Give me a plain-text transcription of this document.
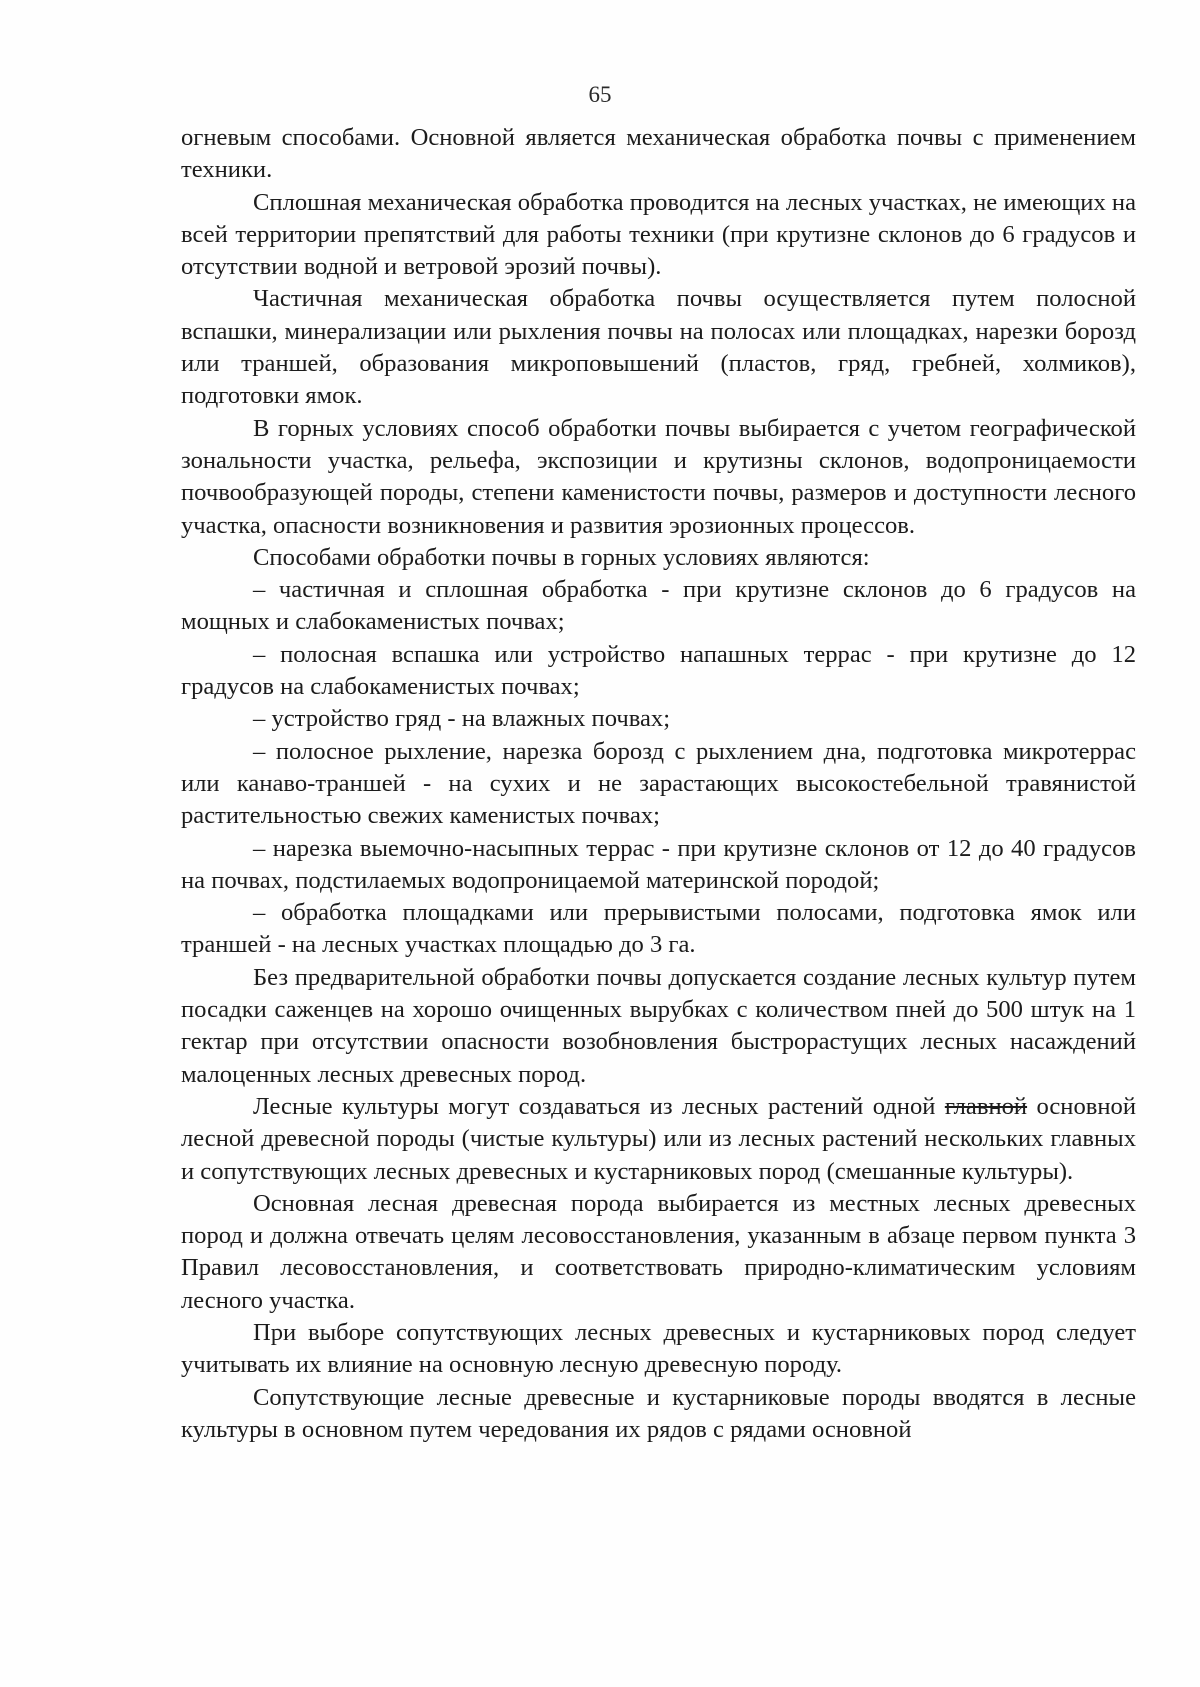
65

огневым способами. Основной является механическая обработка почвы с применением техники.

Сплошная механическая обработка проводится на лесных участках, не имеющих на всей территории препятствий для работы техники (при крутизне склонов до 6 градусов и отсутствии водной и ветровой эрозий почвы).

Частичная механическая обработка почвы осуществляется путем полосной вспашки, минерализации или рыхления почвы на полосах или площадках, нарезки борозд или траншей, образования микроповышений (пластов, гряд, гребней, холмиков), подготовки ямок.

В горных условиях способ обработки почвы выбирается с учетом географической зональности участка, рельефа, экспозиции и крутизны склонов, водопроницаемости почвообразующей породы, степени каменистости почвы, размеров и доступности лесного участка, опасности возникновения и развития эрозионных процессов.

Способами обработки почвы в горных условиях являются:

– частичная и сплошная обработка - при крутизне склонов до 6 градусов на мощных и слабокаменистых почвах;

– полосная вспашка или устройство напашных террас - при крутизне до 12 градусов на слабокаменистых почвах;

– устройство гряд - на влажных почвах;

– полосное рыхление, нарезка борозд с рыхлением дна, подготовка микротеррас или канаво-траншей - на сухих и не зарастающих высокостебельной травянистой растительностью свежих каменистых почвах;

– нарезка выемочно-насыпных террас - при крутизне склонов от 12 до 40 градусов на почвах, подстилаемых водопроницаемой материнской породой;

– обработка площадками или прерывистыми полосами, подготовка ямок или траншей - на лесных участках площадью до 3 га.

Без предварительной обработки почвы допускается создание лесных культур путем посадки саженцев на хорошо очищенных вырубках с количеством пней до 500 штук на 1 гектар при отсутствии опасности возобновления быстрорастущих лесных насаждений малоценных лесных древесных пород.

Лесные культуры могут создаваться из лесных растений одной главной основной лесной древесной породы (чистые культуры) или из лесных растений нескольких главных и сопутствующих лесных древесных и кустарниковых пород (смешанные культуры).

Основная лесная древесная порода выбирается из местных лесных древесных пород и должна отвечать целям лесовосстановления, указанным в абзаце первом пункта 3 Правил лесовосстановления, и соответствовать природно-климатическим условиям лесного участка.

При выборе сопутствующих лесных древесных и кустарниковых пород следует учитывать их влияние на основную лесную древесную породу.

Сопутствующие лесные древесные и кустарниковые породы вводятся в лесные культуры в основном путем чередования их рядов с рядами основной
